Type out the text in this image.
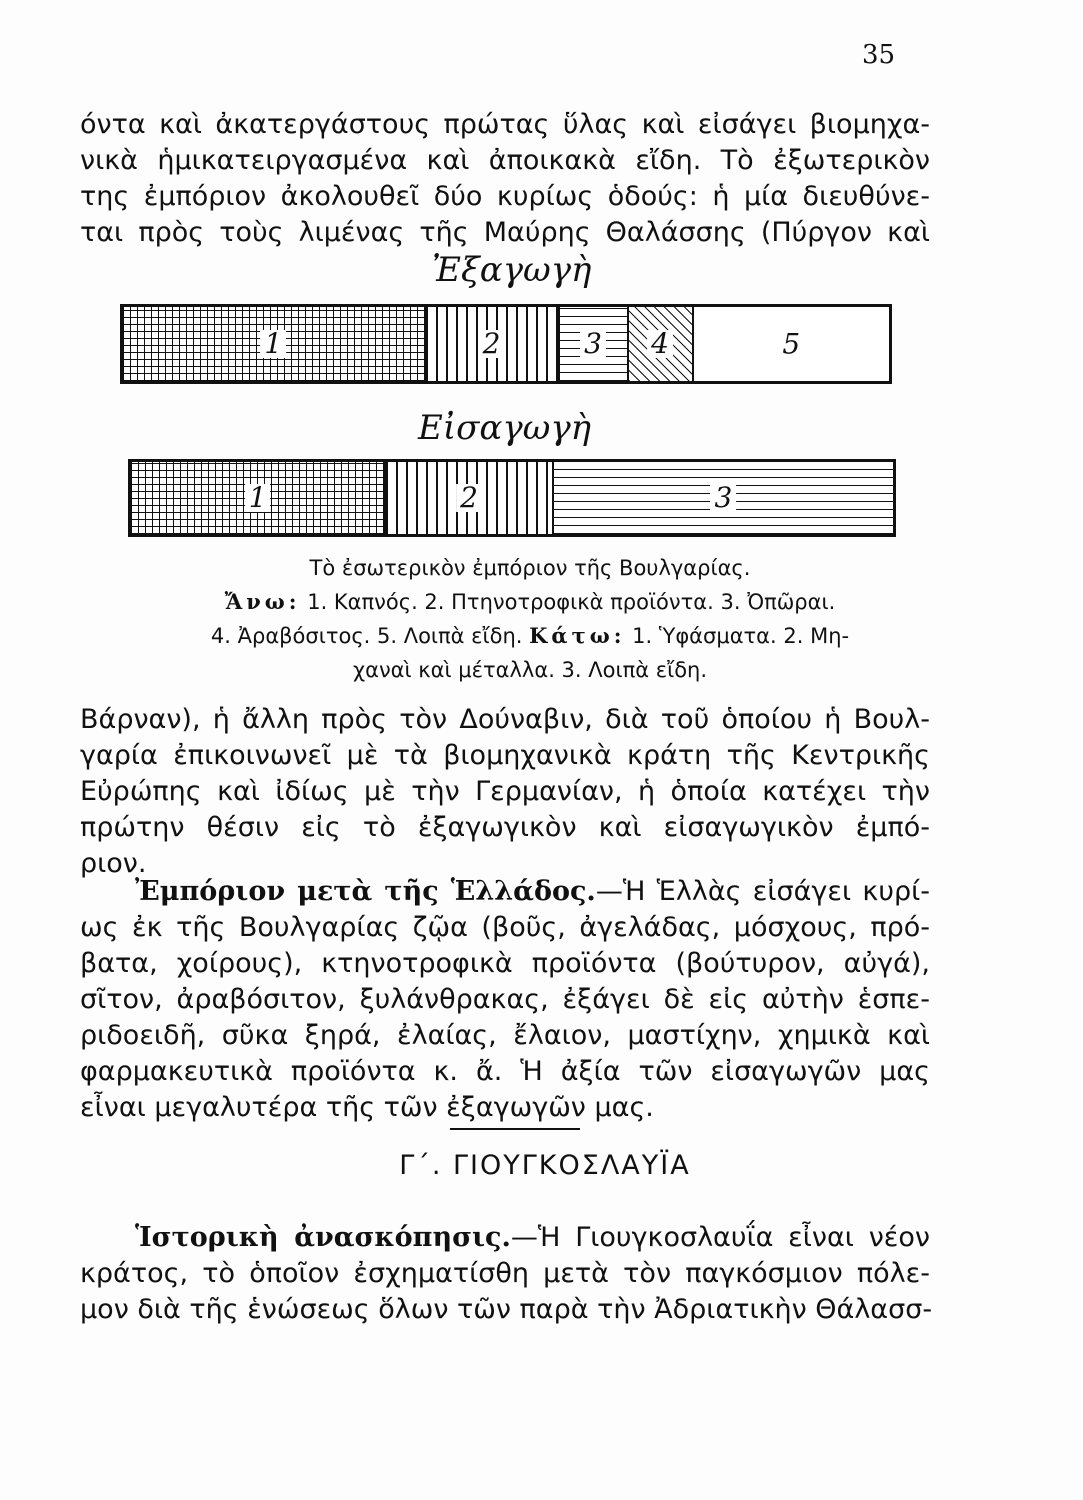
35

όντα καὶ ἀκατεργάστους πρώτας ὕλας καὶ εἰσάγει βιομηχα-
νικὰ ἡμικατειργασμένα καὶ ἀποικακὰ εἴδη. Τὸ ἐξωτερικὸν
της ἐμπόριον ἀκολουθεῖ δύο κυρίως ὁδούς: ἡ μία διευθύνε-
ται πρὸς τοὺς λιμένας τῆς Μαύρης Θαλάσσης (Πύργον καὶ

Ἐξαγωγὴ
1	2	3 4	5
Εἰσαγωγὴ
1	2	3
Τὸ ἐσωτερικὸν ἐμπόριον τῆς Βουλγαρίας.
Ἄνω: 1. Καπνός. 2. Πτηνοτροφικὰ προϊόντα. 3. Ὀπῶραι.
4. Ἀραβόσιτος. 5. Λοιπὰ εἴδη. Κάτω: 1. Ὑφάσματα. 2. Μη-
χαναὶ καὶ μέταλλα. 3. Λοιπὰ εἴδη.

Βάρναν), ἡ ἄλλη πρὸς τὸν Δούναβιν, διὰ τοῦ ὁποίου ἡ Βουλ-
γαρία ἐπικοινωνεῖ μὲ τὰ βιομηχανικὰ κράτη τῆς Κεντρικῆς
Εὐρώπης καὶ ἰδίως μὲ τὴν Γερμανίαν, ἡ ὁποία κατέχει τὴν
πρώτην θέσιν εἰς τὸ ἐξαγωγικὸν καὶ εἰσαγωγικὸν ἐμπό-
ριον.

Ἐμπόριον μετὰ τῆς Ἑλλάδος.—Ἡ Ἑλλὰς εἰσάγει κυρί-
ως ἐκ τῆς Βουλγαρίας ζῷα (βοῦς, ἀγελάδας, μόσχους, πρό-
βατα, χοίρους), κτηνοτροφικὰ προϊόντα (βούτυρον, αὐγά),
σῖτον, ἀραβόσιτον, ξυλάνθρακας, ἐξάγει δὲ εἰς αὐτὴν ἑσπε-
ριδοειδῆ, σῦκα ξηρά, ἐλαίας, ἔλαιον, μαστίχην, χημικὰ καὶ
φαρμακευτικὰ προϊόντα κ. ἄ. Ἡ ἀξία τῶν εἰσαγωγῶν μας
εἶναι μεγαλυτέρα τῆς τῶν ἐξαγωγῶν μας.

Γ΄. ΓΙΟΥΓΚΟΣΛΑΥΪΑ

Ἱστορικὴ ἀνασκόπησις.—Ἡ Γιουγκοσλαυΐα εἶναι νέον
κράτος, τὸ ὁποῖον ἐσχηματίσθη μετὰ τὸν παγκόσμιον πόλε-
μον διὰ τῆς ἑνώσεως ὅλων τῶν παρὰ τὴν Ἀδριατικὴν Θάλασσ-
